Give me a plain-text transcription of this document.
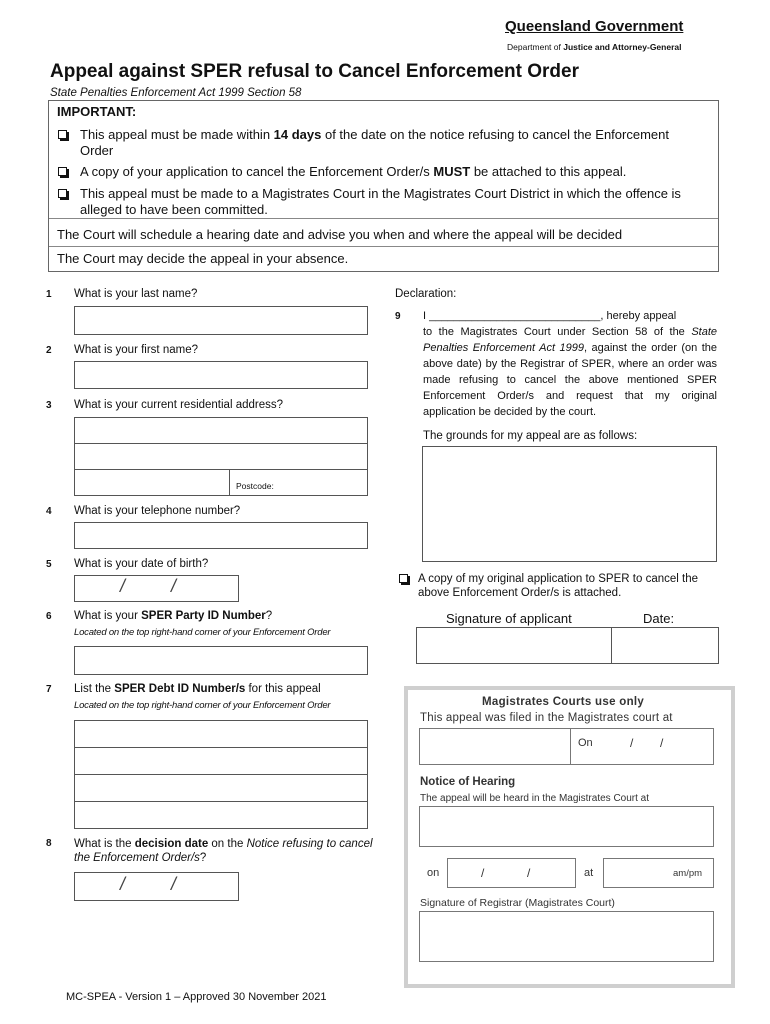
Queensland Government
Department of Justice and Attorney-General
Appeal against SPER refusal to Cancel Enforcement Order
State Penalties Enforcement Act 1999 Section 58
IMPORTANT:
This appeal must be made within 14 days of the date on the notice refusing to cancel the Enforcement Order
A copy of your application to cancel the Enforcement Order/s MUST be attached to this appeal.
This appeal must be made to a Magistrates Court in the Magistrates Court District in which the offence is alleged to have been committed.
The Court will schedule a hearing date and advise you when and where the appeal will be decided
The Court may decide the appeal in your absence.
1 What is your last name?
2 What is your first name?
3 What is your current residential address?
Postcode:
4 What is your telephone number?
5 What is your date of birth?
/	/
6 What is your SPER Party ID Number?
Located on the top right-hand corner of your Enforcement Order
7 List the SPER Debt ID Number/s for this appeal
Located on the top right-hand corner of your Enforcement Order
8 What is the decision date on the Notice refusing to cancel the Enforcement Order/s?
/	/
Declaration:
9 I ____________________________, hereby appeal
to the Magistrates Court under Section 58 of the State Penalties Enforcement Act 1999, against the order (on the above date) by the Registrar of SPER, where an order was made refusing to cancel the above mentioned SPER Enforcement Order/s and request that my original application be decided by the court.
The grounds for my appeal are as follows:
A copy of my original application to SPER to cancel the above Enforcement Order/s is attached.
Signature of applicant	Date:
Magistrates Courts use only
This appeal was filed in the Magistrates court at
On	/ /
Notice of Hearing
The appeal will be heard in the Magistrates Court at
on	/	/	at	am/pm
Signature of Registrar (Magistrates Court)
MC-SPEA - Version 1 – Approved 30 November 2021
